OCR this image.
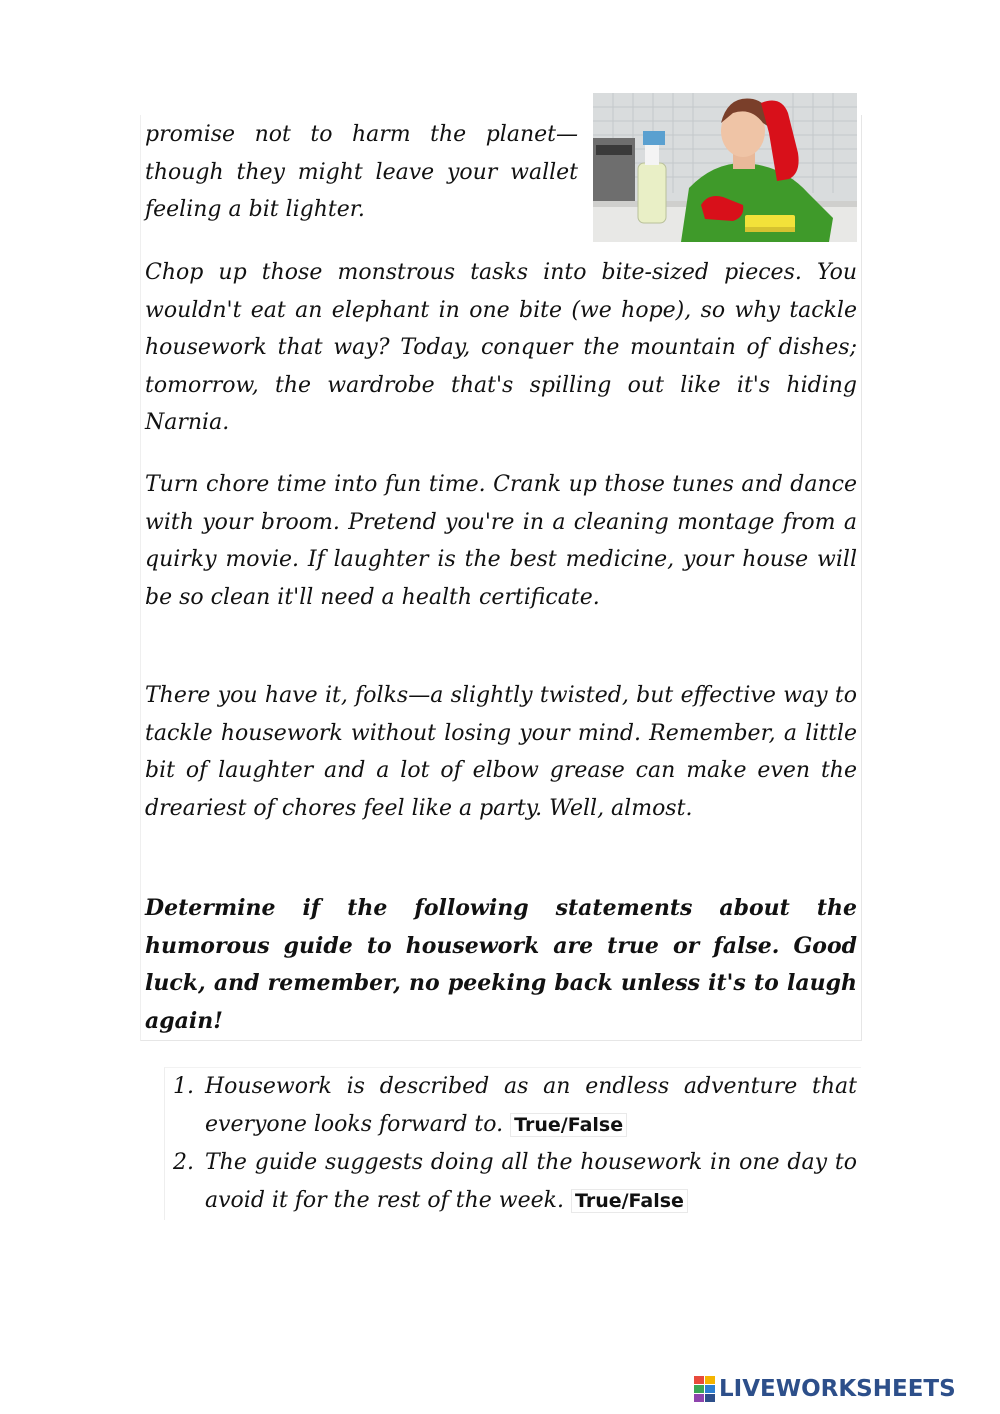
promise not to harm the planet—though they might leave your wallet feeling a bit lighter.

Chop up those monstrous tasks into bite-sized pieces. You wouldn't eat an elephant in one bite (we hope), so why tackle housework that way? Today, conquer the mountain of dishes; tomorrow, the wardrobe that's spilling out like it's hiding Narnia.

Turn chore time into fun time. Crank up those tunes and dance with your broom. Pretend you're in a cleaning montage from a quirky movie. If laughter is the best medicine, your house will be so clean it'll need a health certificate.

There you have it, folks—a slightly twisted, but effective way to tackle housework without losing your mind. Remember, a little bit of laughter and a lot of elbow grease can make even the dreariest of chores feel like a party. Well, almost.

Determine if the following statements about the humorous guide to housework are true or false. Good luck, and remember, no peeking back unless it's to laugh again!

1. Housework is described as an endless adventure that everyone looks forward to. True/False
2. The guide suggests doing all the housework in one day to avoid it for the rest of the week. True/False
LIVEWORKSHEETS
